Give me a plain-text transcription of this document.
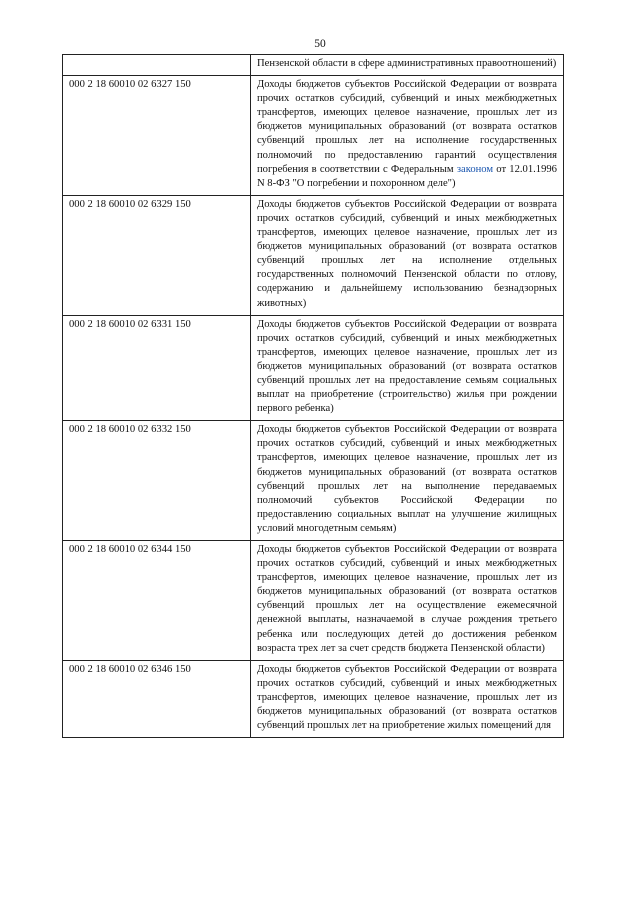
50
	Пензенской области в сфере административных правоотношений)
000 2 18 60010 02 6327 150	Доходы бюджетов субъектов Российской Федерации от возврата прочих остатков субсидий, субвенций и иных межбюджетных трансфертов, имеющих целевое назначение, прошлых лет из бюджетов муниципальных образований (от возврата остатков субвенций прошлых лет на исполнение государственных полномочий по предоставлению гарантий осуществления погребения в соответствии с Федеральным законом от 12.01.1996 N 8-ФЗ "О погребении и похоронном деле")
000 2 18 60010 02 6329 150	Доходы бюджетов субъектов Российской Федерации от возврата прочих остатков субсидий, субвенций и иных межбюджетных трансфертов, имеющих целевое назначение, прошлых лет из бюджетов муниципальных образований (от возврата остатков субвенций прошлых лет на исполнение отдельных государственных полномочий Пензенской области по отлову, содержанию и дальнейшему использованию безнадзорных животных)
000 2 18 60010 02 6331 150	Доходы бюджетов субъектов Российской Федерации от возврата прочих остатков субсидий, субвенций и иных межбюджетных трансфертов, имеющих целевое назначение, прошлых лет из бюджетов муниципальных образований (от возврата остатков субвенций прошлых лет на предоставление семьям социальных выплат на приобретение (строительство) жилья при рождении первого ребенка)
000 2 18 60010 02 6332 150	Доходы бюджетов субъектов Российской Федерации от возврата прочих остатков субсидий, субвенций и иных межбюджетных трансфертов, имеющих целевое назначение, прошлых лет из бюджетов муниципальных образований (от возврата остатков субвенций прошлых лет на выполнение передаваемых полномочий субъектов Российской Федерации по предоставлению социальных выплат на улучшение жилищных условий многодетным семьям)
000 2 18 60010 02 6344 150	Доходы бюджетов субъектов Российской Федерации от возврата прочих остатков субсидий, субвенций и иных межбюджетных трансфертов, имеющих целевое назначение, прошлых лет из бюджетов муниципальных образований (от возврата остатков субвенций прошлых лет на осуществление ежемесячной денежной выплаты, назначаемой в случае рождения третьего ребенка или последующих детей до достижения ребенком возраста трех лет за счет средств бюджета Пензенской области)
000 2 18 60010 02 6346 150	Доходы бюджетов субъектов Российской Федерации от возврата прочих остатков субсидий, субвенций и иных межбюджетных трансфертов, имеющих целевое назначение, прошлых лет из бюджетов муниципальных образований (от возврата остатков субвенций прошлых лет на приобретение жилых помещений для
